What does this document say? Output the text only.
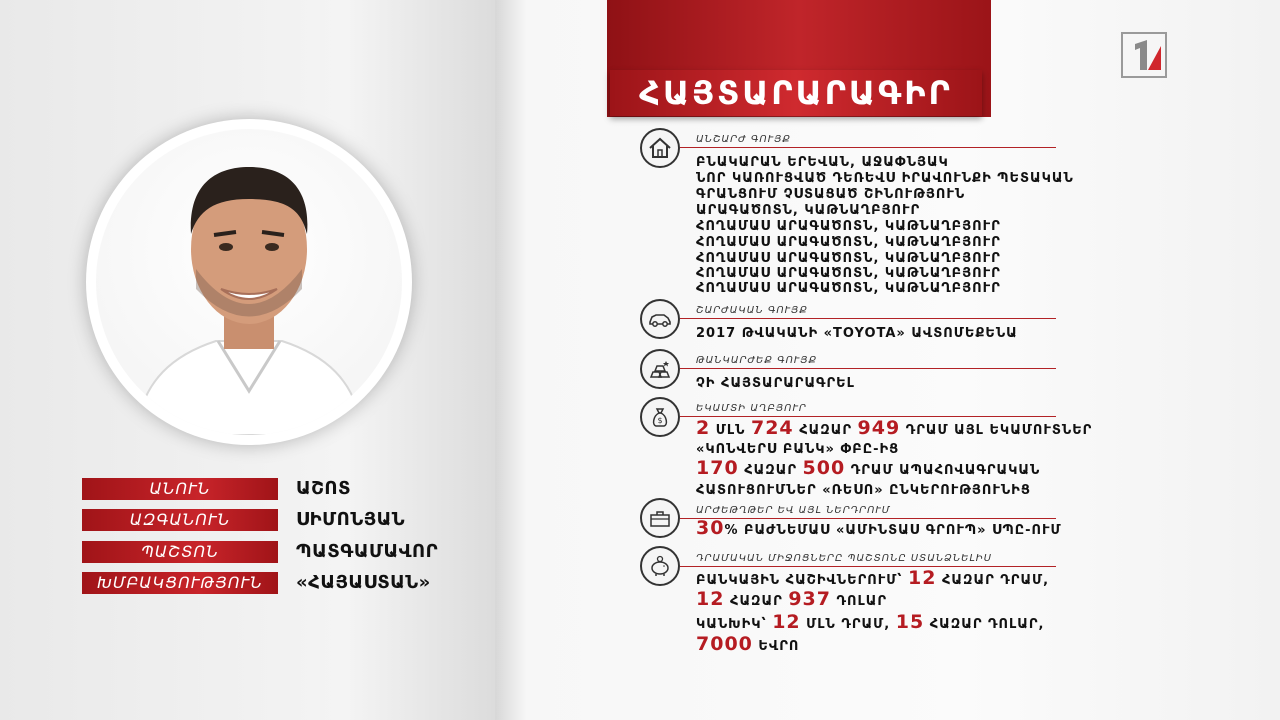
ԱՆՈՒՆ	ԱՇՈՏ
ԱԶԳԱՆՈՒՆ	ՍԻՄՈՆՅԱՆ
ՊԱՇՏՈՆ	ՊԱՏԳԱՄԱՎՈՐ
ԽՄԲԱԿՑՈՒԹՅՈՒՆ	«ՀԱՅԱՍՏԱՆ»
ՀԱՅՏԱՐԱՐԱԳԻՐ
ԱՆՇԱՐԺ ԳՈՒՅՔ
ԲՆԱԿԱՐԱՆ ԵՐԵՎԱՆ, ԱՋԱՓՆՅԱԿ
ՆՈՐ ԿԱՌՈՒՑՎԱԾ ԴԵՌԵՎՍ ԻՐԱՎՈՒՆՔԻ ՊԵՏԱԿԱՆ
ԳՐԱՆՑՈՒՄ ՉՍՏԱՑԱԾ ՇԻՆՈՒԹՅՈՒՆ
ԱՐԱԳԱԾՈՏՆ, ԿԱԹՆԱՂԲՅՈՒՐ
ՀՈՂԱՄԱՍ ԱՐԱԳԱԾՈՏՆ, ԿԱԹՆԱՂԲՅՈՒՐ
ՀՈՂԱՄԱՍ ԱՐԱԳԱԾՈՏՆ, ԿԱԹՆԱՂԲՅՈՒՐ
ՀՈՂԱՄԱՍ ԱՐԱԳԱԾՈՏՆ, ԿԱԹՆԱՂԲՅՈՒՐ
ՀՈՂԱՄԱՍ ԱՐԱԳԱԾՈՏՆ, ԿԱԹՆԱՂԲՅՈՒՐ
ՀՈՂԱՄԱՍ ԱՐԱԳԱԾՈՏՆ, ԿԱԹՆԱՂԲՅՈՒՐ
ՇԱՐԺԱԿԱՆ ԳՈՒՅՔ
2017 ԹՎԱԿԱՆԻ «TOYOTA» ԱՎՏՈՄԵՔԵՆԱ
ԹԱՆԿԱՐԺԵՔ ԳՈՒՅՔ
ՉԻ ՀԱՅՏԱՐԱՐԱԳՐԵԼ
$
ԵԿԱՄՏԻ ԱՂԲՅՈՒՐ
2 ՄԼՆ 724 ՀԱԶԱՐ 949 ԴՐԱՄ ԱՅԼ ԵԿԱՄՈՒՏՆԵՐ
«ԿՈՆՎԵՐՍ ԲԱՆԿ» ՓԲԸ-ԻՑ
170 ՀԱԶԱՐ 500 ԴՐԱՄ ԱՊԱՀՈՎԱԳՐԱԿԱՆ
ՀԱՏՈՒՑՈՒՄՆԵՐ «ՌԵՍՈ» ԸՆԿԵՐՈՒԹՅՈՒՆԻՑ
ԱՐԺԵԹՂԹԵՐ ԵՎ ԱՅԼ ՆԵՐԴՐՈՒՄ
30% ԲԱԺՆԵՄԱՍ «ԱՄԻՆՏԱՍ ԳՐՈՒՊ» ՍՊԸ-ՈՒՄ
ԴՐԱՄԱԿԱՆ ՄԻՋՈՑՆԵՐԸ ՊԱՇՏՈՆԸ ՍՏԱՆՁՆԵԼԻՍ
ԲԱՆԿԱՅԻՆ ՀԱՇԻՎՆԵՐՈՒՄ՝ 12 ՀԱԶԱՐ ԴՐԱՄ,
12 ՀԱԶԱՐ 937 ԴՈԼԱՐ
ԿԱՆԽԻԿ՝ 12 ՄԼՆ ԴՐԱՄ, 15 ՀԱԶԱՐ ԴՈԼԱՐ,
7000 ԵՎՐՈ
